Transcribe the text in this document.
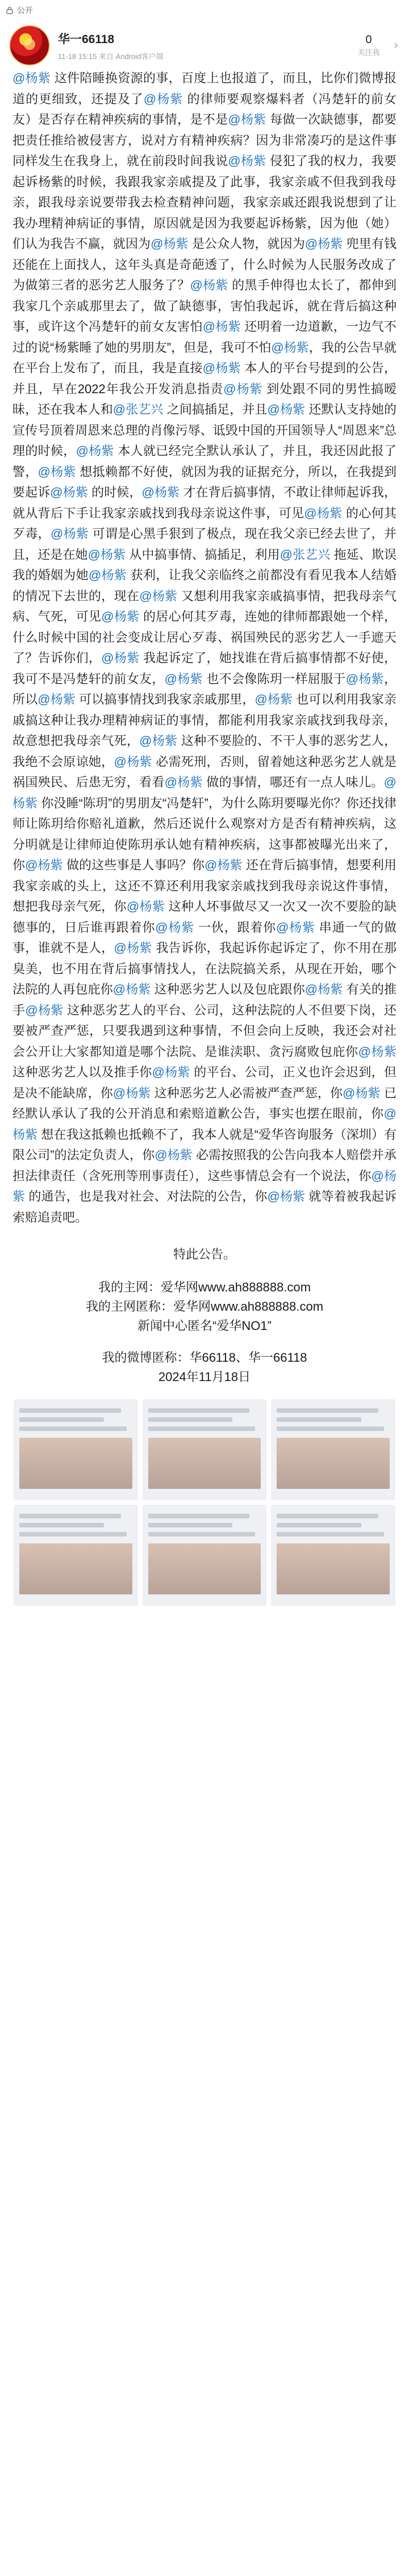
公开
华一66118
11-18 15:15 来自 Android客户端
0
关注我
@杨紫 这件陪睡换资源的事，百度上也报道了，而且，比你们微博报道的更细致，还提及了@杨紫 的律师要观察爆料者（冯楚轩的前女友）是否存在精神疾病的事情，是不是@杨紫 每做一次缺德事，都要把责任推给被侵害方，说对方有精神疾病？因为非常凑巧的是这件事同样发生在我身上，就在前段时间我说@杨紫 侵犯了我的权力，我要起诉杨紫的时候，我跟我家亲戚提及了此事，我家亲戚不但我到我母亲，跟我母亲说要带我去检查精神问题，我家亲戚还跟我说想到了让我办理精神病证的事情，原因就是因为我要起诉杨紫，因为他（她）们认为我告不赢，就因为@杨紫 是公众人物，就因为@杨紫 兜里有钱还能在上面找人，这年头真是奇葩透了，什么时候为人民服务改成了为做第三者的恶劣艺人服务了？@杨紫 的黑手伸得也太长了，都伸到我家几个亲戚那里去了，做了缺德事，害怕我起诉，就在背后搞这种事，或许这个冯楚轩的前女友害怕@杨紫 还明着一边道歉，一边气不过的说“杨紫睡了她的男朋友”，但是，我可不怕@杨紫，我的公告早就在平台上发布了，而且，我是直接@杨紫 本人的平台号提到的公告，并且，早在2022年我公开发消息指责@杨紫 到处跟不同的男性搞暧昧，还在我本人和@张艺兴 之间搞插足，并且@杨紫 还默认支持她的宣传号顶着周恩来总理的肖像污辱、诋毁中国的开国领导人“周恩来”总理的时候，@杨紫 本人就已经完全默认承认了，并且，我还因此报了警，@杨紫 想抵赖都不好使，就因为我的证据充分，所以，在我提到要起诉@杨紫 的时候，@杨紫 才在背后搞事情，不敢让律师起诉我，就从背后下手让我家亲戚找到我母亲说这件事，可见@杨紫 的心何其歹毒，@杨紫 可谓是心黑手狠到了极点，现在我父亲已经去世了，并且，还是在她@杨紫 从中搞事情、搞插足，利用@张艺兴 拖延、欺误我的婚姻为她@杨紫 获利，让我父亲临终之前都没有看见我本人结婚的情况下去世的，现在@杨紫 又想利用我家亲戚搞事情，把我母亲气病、气死，可见@杨紫 的居心何其歹毒，连她的律师都跟她一个样，什么时候中国的社会变成让居心歹毒、祸国殃民的恶劣艺人一手遮天了？告诉你们，@杨紫 我起诉定了，她找谁在背后搞事情都不好使，我可不是冯楚轩的前女友，@杨紫 也不会像陈玥一样屈服于@杨紫，所以@杨紫 可以搞事情找到我家亲戚那里，@杨紫 也可以利用我家亲戚搞这种让我办理精神病证的事情，都能利用我家亲戚找到我母亲，故意想把我母亲气死，@杨紫 这种不要脸的、不干人事的恶劣艺人，我绝不会原谅她，@杨紫 必需死刑，否则，留着她这种恶劣艺人就是祸国殃民、后患无穷，看看@杨紫 做的事情，哪还有一点人味儿。@杨紫 你没睡“陈玥”的男朋友“冯楚轩”，为什么陈玥要曝光你？你还找律师让陈玥给你赔礼道歉，然后还说什么观察对方是否有精神疾病，这分明就是让律师迫使陈玥承认她有精神疾病，这事都被曝光出来了，你@杨紫 做的这些事是人事吗？你@杨紫 还在背后搞事情，想要利用我家亲戚的头上，这还不算还利用我家亲戚找到我母亲说这件事情，想把我母亲气死，你@杨紫 这种人坏事做尽又一次又一次不要脸的缺德事的，日后谁再跟着你@杨紫 一伙，跟着你@杨紫 串通一气的做事，谁就不是人，@杨紫 我告诉你，我起诉你起诉定了，你不用在那臭美，也不用在背后搞事情找人，在法院搞关系，从现在开始，哪个法院的人再包庇你@杨紫 这种恶劣艺人以及包庇跟你@杨紫 有关的推手@杨紫 这种恶劣艺人的平台、公司，这种法院的人不但要下岗，还要被严查严惩，只要我遇到这种事情，不但会向上反映，我还会对社会公开让大家都知道是哪个法院、是谁渎职、贪污腐败包庇你@杨紫 这种恶劣艺人以及推手你@杨紫 的平台、公司，正义也许会迟到，但是决不能缺席，你@杨紫 这种恶劣艺人必需被严查严惩，你@杨紫 已经默认承认了我的公开消息和索赔道歉公告，事实也摆在眼前，你@杨紫 想在我这抵赖也抵赖不了，我本人就是“爱华咨询服务（深圳）有限公司”的法定负责人，你@杨紫 必需按照我的公告向我本人赔偿并承担法律责任（含死刑等刑事责任），这些事情总会有一个说法，你@杨紫 的通告，也是我对社会、对法院的公告，你@杨紫 就等着被我起诉索赔追责吧。
特此公告。
我的主网：爱华网www.ah888888.com
我的主网匿称：爱华网www.ah888888.com
新闻中心匿名“爱华NO1”
我的微博匿称：华66118、华一66118
2024年11月18日
